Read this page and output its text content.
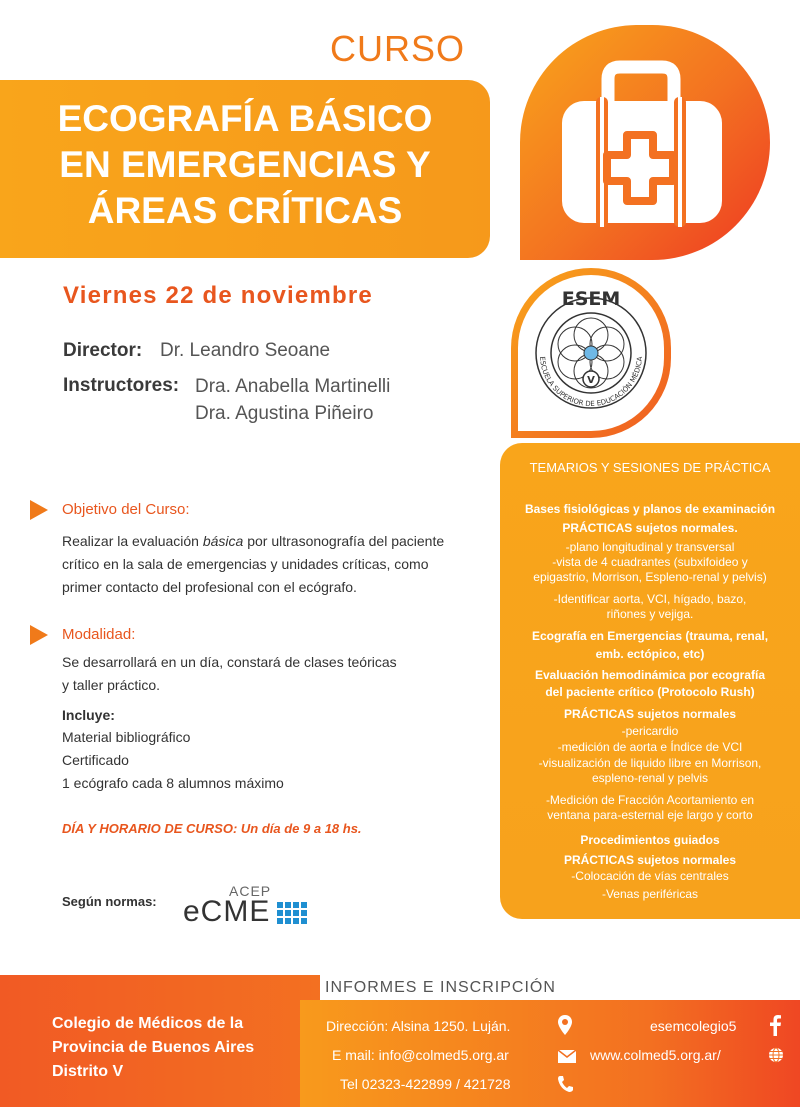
CURSO
ECOGRAFÍA BÁSICO
EN EMERGENCIAS Y
ÁREAS CRÍTICAS
V
ESEM
ESCUELA SUPERIOR DE EDUCACIÓN MÉDICA
Viernes 22 de noviembre
Director: Dr. Leandro Seoane
Instructores: Dra. Anabella Martinelli
Dra. Agustina Piñeiro
Objetivo del Curso:
Realizar la evaluación básica por ultrasonografía del paciente
crítico en la sala de emergencias y unidades críticas, como
primer contacto del profesional con el ecógrafo.
Modalidad:
Se desarrollará en un día, constará de clases teóricas
y taller práctico.
Incluye:
Material bibliográfico
Certificado
1 ecógrafo cada 8 alumnos máximo
DÍA Y HORARIO DE CURSO: Un día de 9 a 18 hs.
Según normas:
ACEP
eCME
TEMARIOS Y SESIONES DE PRÁCTICA
Bases fisiológicas y planos de examinación
PRÁCTICAS sujetos normales.
-plano longitudinal y transversal
-vista de 4 cuadrantes (subxifoideo y
epigastrio, Morrison, Espleno-renal y pelvis)
-Identificar aorta, VCI, hígado, bazo,
riñones y vejiga.
Ecografía en Emergencias (trauma, renal,
emb. ectópico, etc)
Evaluación hemodinámica por ecografía
del paciente crítico (Protocolo Rush)
PRÁCTICAS sujetos normales
-pericardio
-medición de aorta e Índice de VCI
-visualización de liquido libre en Morrison,
espleno-renal y pelvis
-Medición de Fracción Acortamiento en
ventana para-esternal eje largo y corto
Procedimientos guiados
PRÁCTICAS sujetos normales
-Colocación de vías centrales
-Venas periféricas
INFORMES E INSCRIPCIÓN
Colegio de Médicos de la
Provincia de Buenos Aires
Distrito V
Dirección: Alsina 1250. Luján.
E mail: info@colmed5.org.ar
Tel 02323-422899 / 421728
esemcolegio5
www.colmed5.org.ar/
